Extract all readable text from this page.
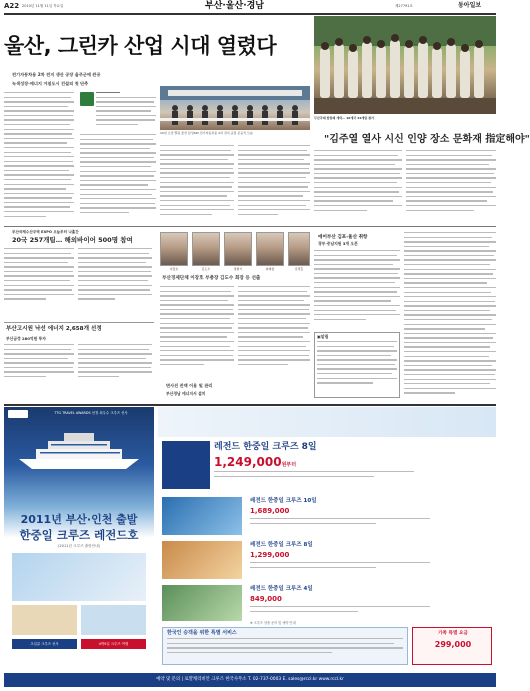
A22 2010년 11월 11일 목요일	부산·울산·경남	제27791호	동아일보
울산, 그린카 산업 시대 열렸다
전기자동차용 2차 전지 생산 공장 울주군에 완공
녹색성장·에너지 거점도시 건설의 첫 단추
10일 오전 열린 울산 삼성SDI 전기자동차용 2차 전지 공장 준공식 모습
무산국제 합창제 개막… 16개국 42개팀 참가
"김주열 열사 시신 인양 장소 문화재 指定해야"
부산국제수산무역 EXPO 오늘부터 나흘간
20국 257개팀… 해외바이어 500명 참여
이장호	김도수	정현기	최태창	강경흥
부산경제단체 이장호 부총장 김도수 회장 등 선출
부산고시원 낙선 에너지 2,658개 선정
부산금정 280억원 투자
면사진 잔액 이용 및 관리
부산경남 에너지서 설치
에어부산 김포-울산 취항
경부·중남지원 3개 오픈
▣알림
TTG TRAVEL AWARDS 선정 최우수 크루즈 선사
2011년 부산·인천 출발
한중일 크루즈 레전드호
(2011년 크루즈 출항안내)
초일류 크루즈 선사	4박5일 크루즈 여행
레전드 한중일 크루즈 8일
1,249,000원부터
레전드 한중일 크루즈 10일
1,689,000
레전드 한중일 크루즈 8일
1,299,000
레전드 한중일 크루즈 4일
849,000
※ 크루즈 상품 문의 및 예약 안내
한국인 승객을 위한 특별 서비스	가족 특별 요금
299,000
예약 및 문의 | 로얄캐리비안 크루즈 한국사무소 T. 02-737-0003 E. sales@rccl.kr www.rccl.kr
